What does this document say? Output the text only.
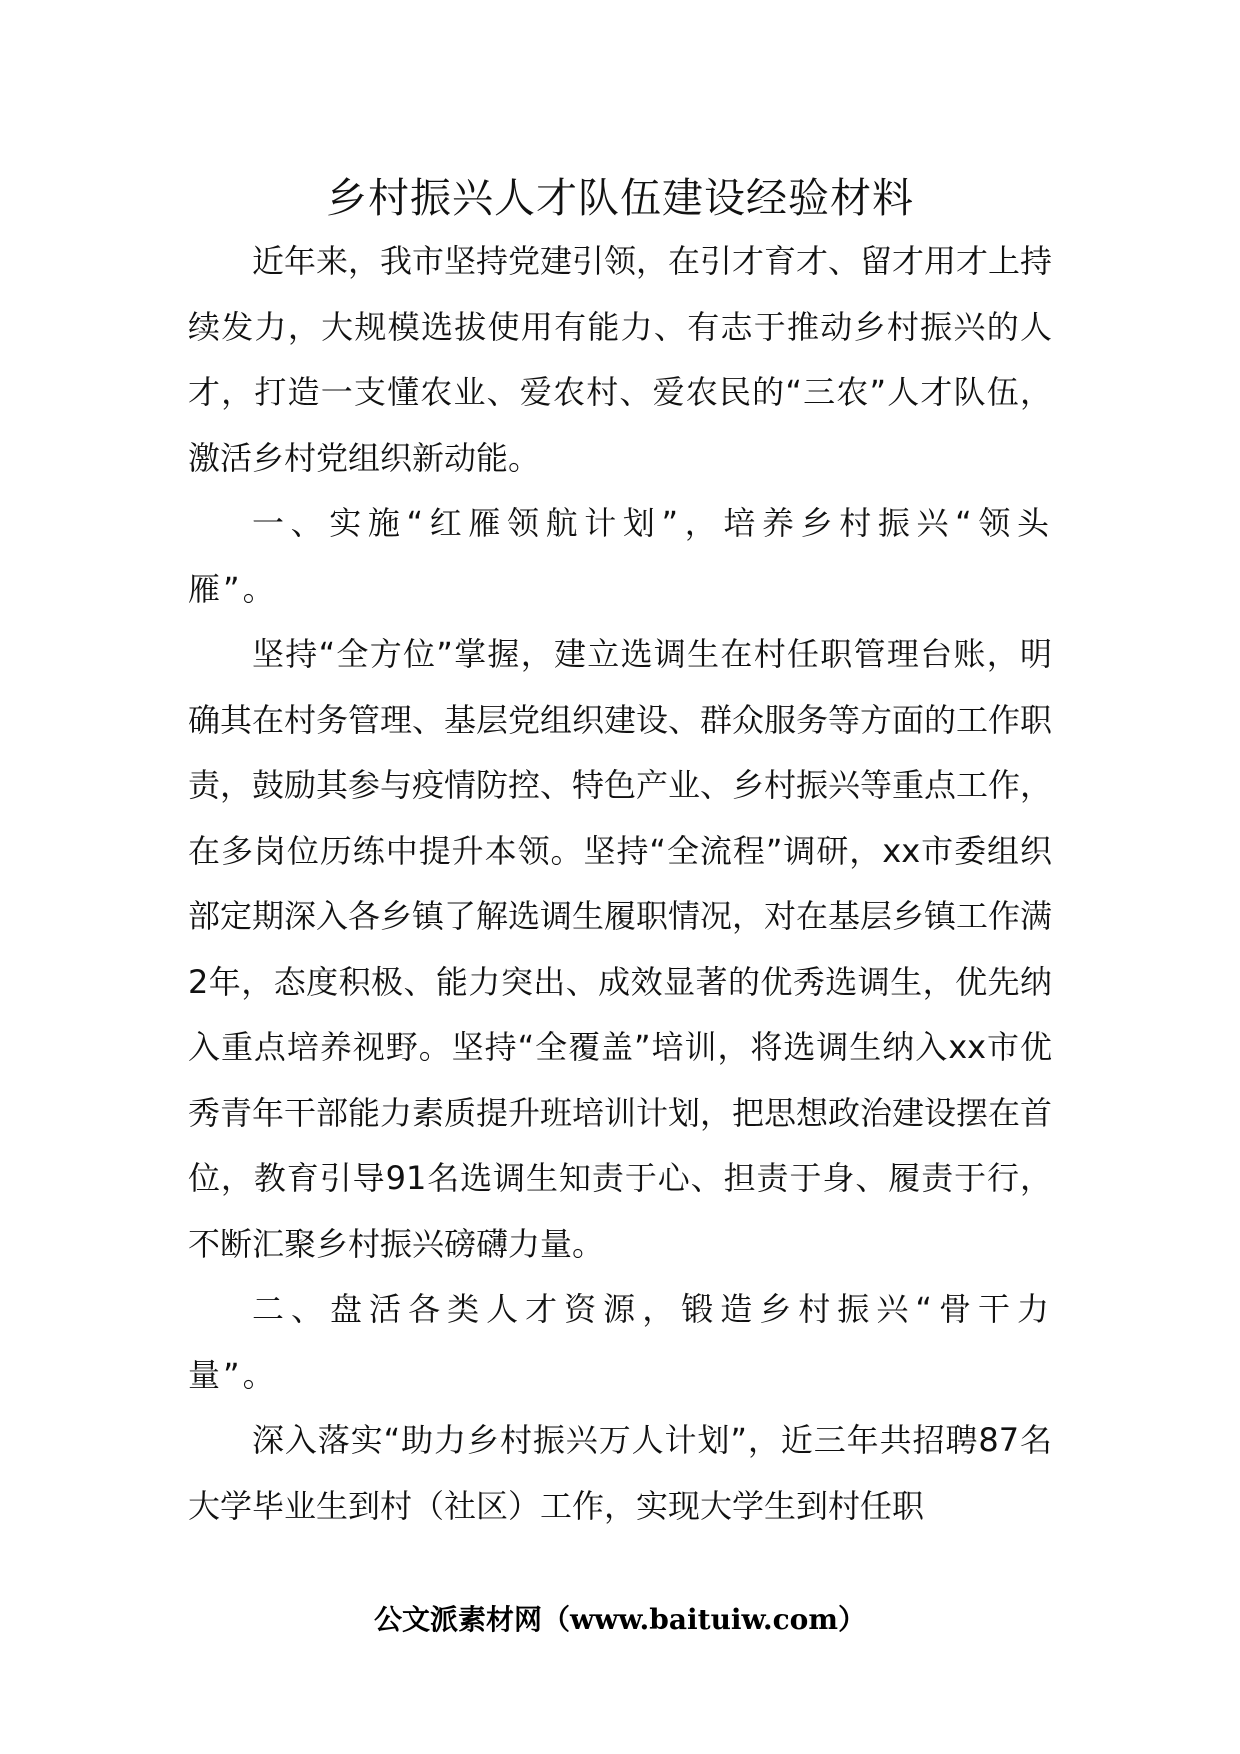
乡村振兴人才队伍建设经验材料

近年来，我市坚持党建引领，在引才育才、留才用才上持续发力，大规模选拔使用有能力、有志于推动乡村振兴的人才，打造一支懂农业、爱农村、爱农民的“三农”人才队伍，激活乡村党组织新动能。

一、实施“红雁领航计划”，培养乡村振兴“领头雁”。

坚持“全方位”掌握，建立选调生在村任职管理台账，明确其在村务管理、基层党组织建设、群众服务等方面的工作职责，鼓励其参与疫情防控、特色产业、乡村振兴等重点工作，在多岗位历练中提升本领。坚持“全流程”调研，xx市委组织部定期深入各乡镇了解选调生履职情况，对在基层乡镇工作满2年，态度积极、能力突出、成效显著的优秀选调生，优先纳入重点培养视野。坚持“全覆盖”培训，将选调生纳入xx市优秀青年干部能力素质提升班培训计划，把思想政治建设摆在首位，教育引导91名选调生知责于心、担责于身、履责于行，不断汇聚乡村振兴磅礴力量。

二、盘活各类人才资源，锻造乡村振兴“骨干力量”。

深入落实“助力乡村振兴万人计划”，近三年共招聘87名大学毕业生到村（社区）工作，实现大学生到村任职

公文派素材网（www.baituiw.com）
